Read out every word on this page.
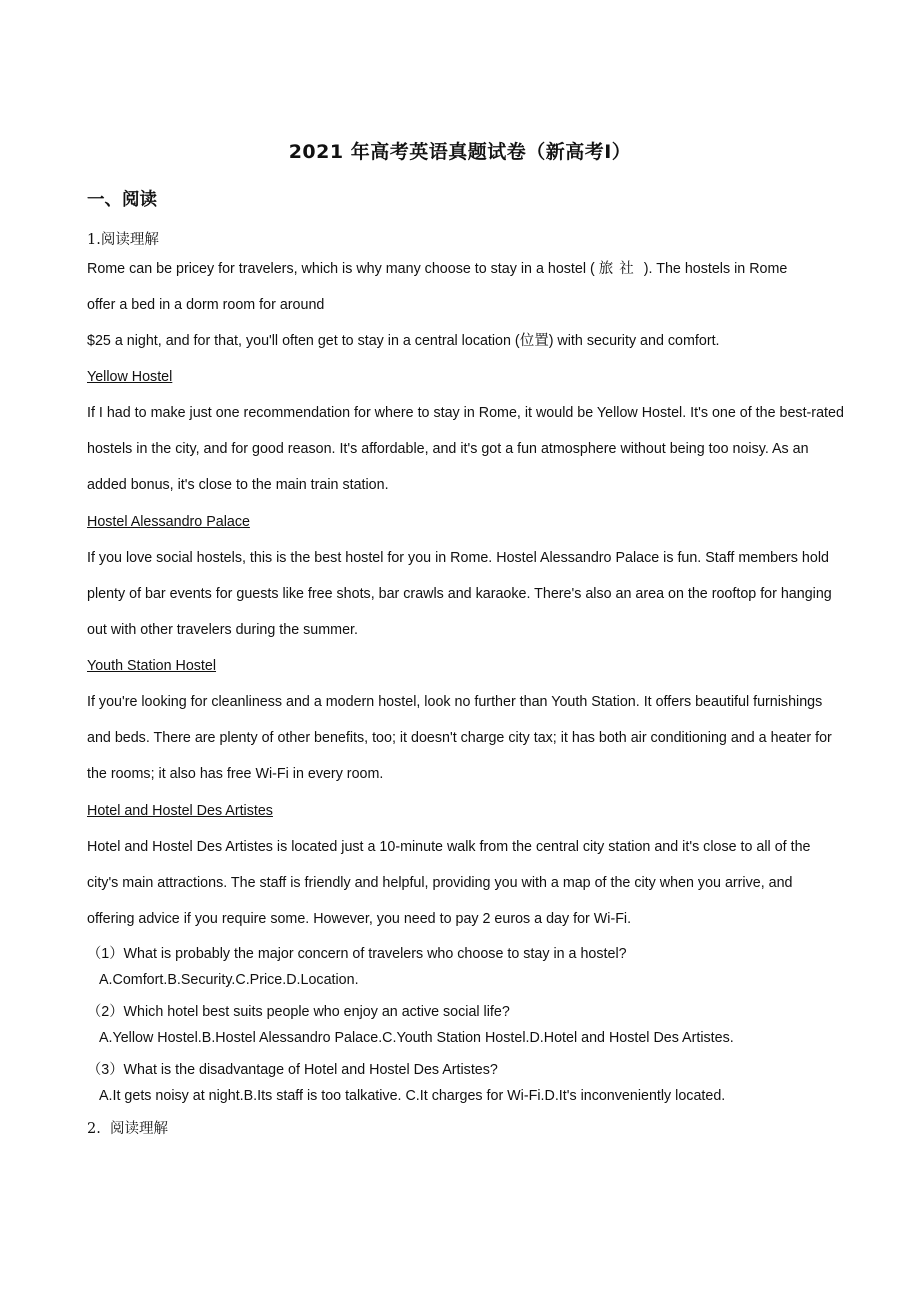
2021 年高考英语真题试卷（新高考Ⅰ）
一、阅读
1.阅读理解
Rome can be pricey for travelers, which is why many choose to stay in a hostel ( 旅社 ). The hostels in Rome
offer a bed in a dorm room for around
$25 a night, and for that, you'll often get to stay in a central location (位置) with security and comfort.
Yellow Hostel

If I had to make just one recommendation for where to stay in Rome, it would be Yellow Hostel. It's one of the best-rated hostels in the city, and for good reason. It's affordable, and it's got a fun atmosphere without being too noisy. As an added bonus, it's close to the main train station.

Hostel Alessandro Palace

If you love social hostels, this is the best hostel for you in Rome. Hostel Alessandro Palace is fun. Staff members hold plenty of bar events for guests like free shots, bar crawls and karaoke. There's also an area on the rooftop for hanging out with other travelers during the summer.

Youth Station Hostel

If you're looking for cleanliness and a modern hostel, look no further than Youth Station. It offers beautiful furnishings and beds. There are plenty of other benefits, too; it doesn't charge city tax; it has both air conditioning and a heater for the rooms; it also has free Wi-Fi in every room.

Hotel and Hostel Des Artistes

Hotel and Hostel Des Artistes is located just a 10-minute walk from the central city station and it's close to all of the city's main attractions. The staff is friendly and helpful, providing you with a map of the city when you arrive, and offering advice if you require some. However, you need to pay 2 euros a day for Wi-Fi.

（1）What is probably the major concern of travelers who choose to stay in a hostel?
A.Comfort.B.Security.C.Price.D.Location.
（2）Which hotel best suits people who enjoy an active social life?
A.Yellow Hostel.B.Hostel Alessandro Palace.C.Youth Station Hostel.D.Hotel and Hostel Des Artistes.
（3）What is the disadvantage of Hotel and Hostel Des Artistes?
A.It gets noisy at night.B.Its staff is too talkative. C.It charges for Wi-Fi.D.It's inconveniently located.
2.  阅读理解
